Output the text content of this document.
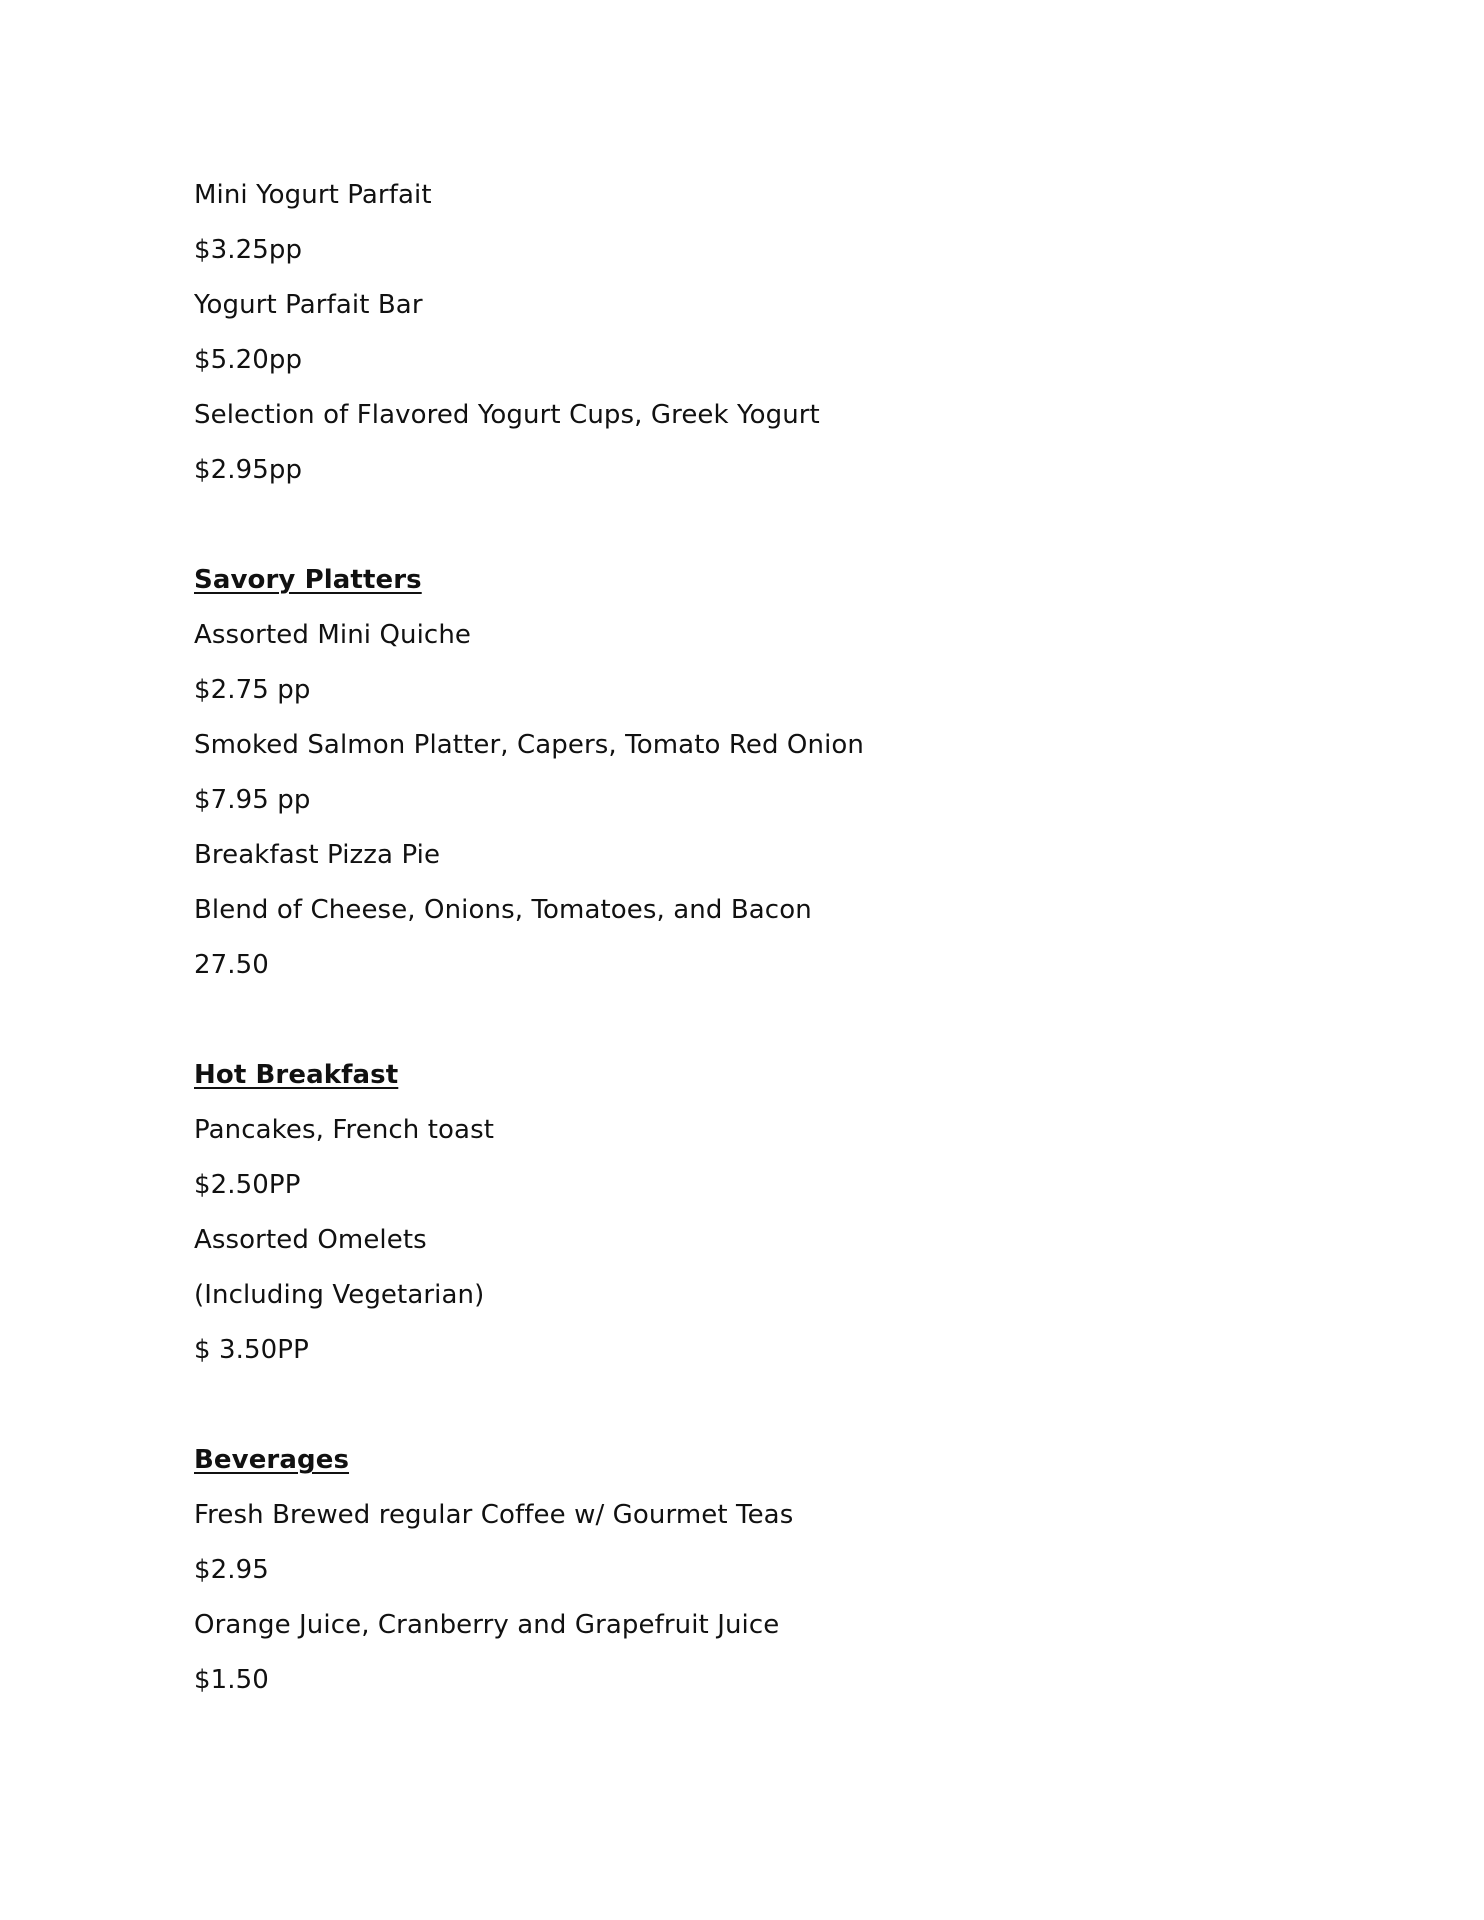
Mini Yogurt Parfait
$3.25pp
Yogurt Parfait Bar
$5.20pp
Selection of Flavored Yogurt Cups, Greek Yogurt
$2.95pp
Savory Platters
Assorted Mini Quiche
$2.75 pp
Smoked Salmon Platter, Capers, Tomato Red Onion
$7.95 pp
Breakfast Pizza Pie
Blend of Cheese, Onions, Tomatoes, and Bacon
27.50
Hot Breakfast
Pancakes, French toast
$2.50PP
Assorted Omelets
(Including Vegetarian)
$ 3.50PP
Beverages
Fresh Brewed regular Coffee w/ Gourmet Teas
$2.95
Orange Juice, Cranberry and Grapefruit Juice
$1.50
